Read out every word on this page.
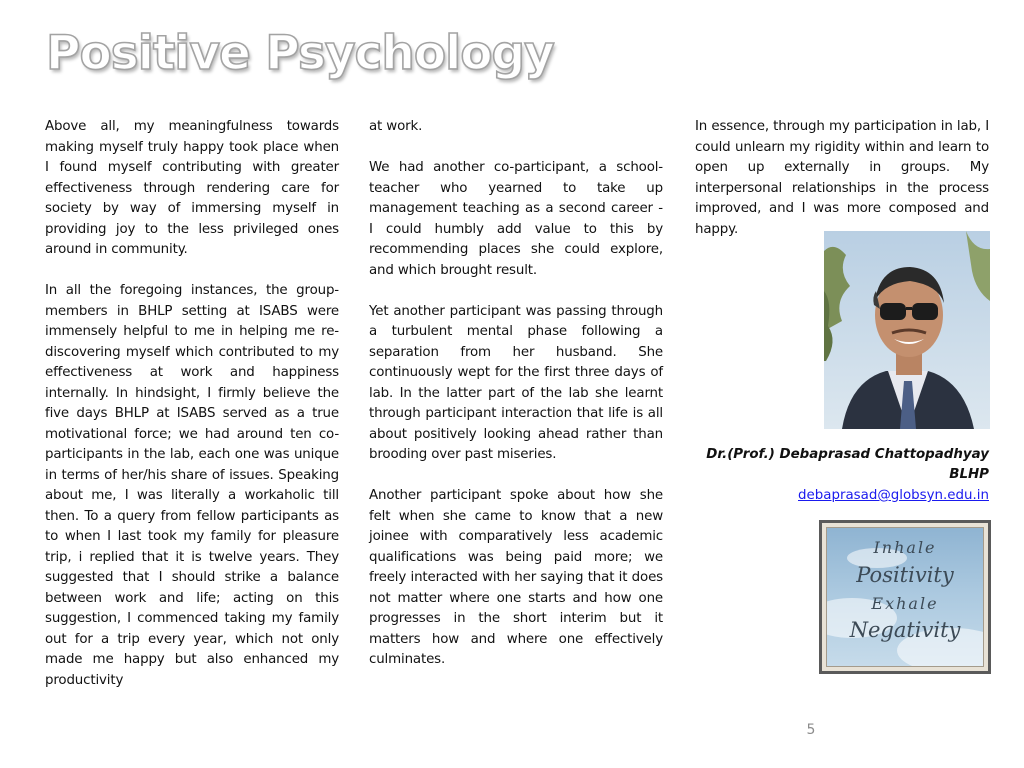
Positive Psychology

Above all, my meaningfulness towards making myself truly happy took place when I found myself contributing with greater effectiveness through rendering care for society by way of immersing myself in providing joy to the less privileged ones around in community.

In all the foregoing instances, the group-members in BHLP setting at ISABS were immensely helpful to me in helping me re-discovering myself which contributed to my effectiveness at work and happiness internally. In hindsight, I firmly believe the five days BHLP at ISABS served as a true motivational force; we had around ten co-participants in the lab, each one was unique in terms of her/his share of issues. Speaking about me, I was literally a workaholic till then. To a query from fellow participants as to when I last took my family for pleasure trip, i replied that it is twelve years. They suggested that I should strike a balance between work and life; acting on this suggestion, I commenced taking my family out for a trip every year, which not only made me happy but also enhanced my productivity

at work.

We had another co-participant, a school-teacher who yearned to take up management teaching as a second career - I could humbly add value to this by recommending places she could explore, and which brought result.

Yet another participant was passing through a turbulent mental phase following a separation from her husband. She continuously wept for the first three days of lab. In the latter part of the lab she learnt through participant interaction that life is all about positively looking ahead rather than brooding over past miseries.

Another participant spoke about how she felt when she came to know that a new joinee with comparatively less academic qualifications was being paid more; we freely interacted with her saying that it does not matter where one starts and how one progresses in the short interim but it matters how and where one effectively culminates.

In essence, through my participation in lab, I could unlearn my rigidity within and learn to open up externally in groups. My interpersonal relationships in the process improved, and I was more composed and happy.

Dr.(Prof.) Debaprasad Chattopadhyay

BLHP

debaprasad@globsyn.edu.in

Inhale

Positivity

Exhale

Negativity

5
